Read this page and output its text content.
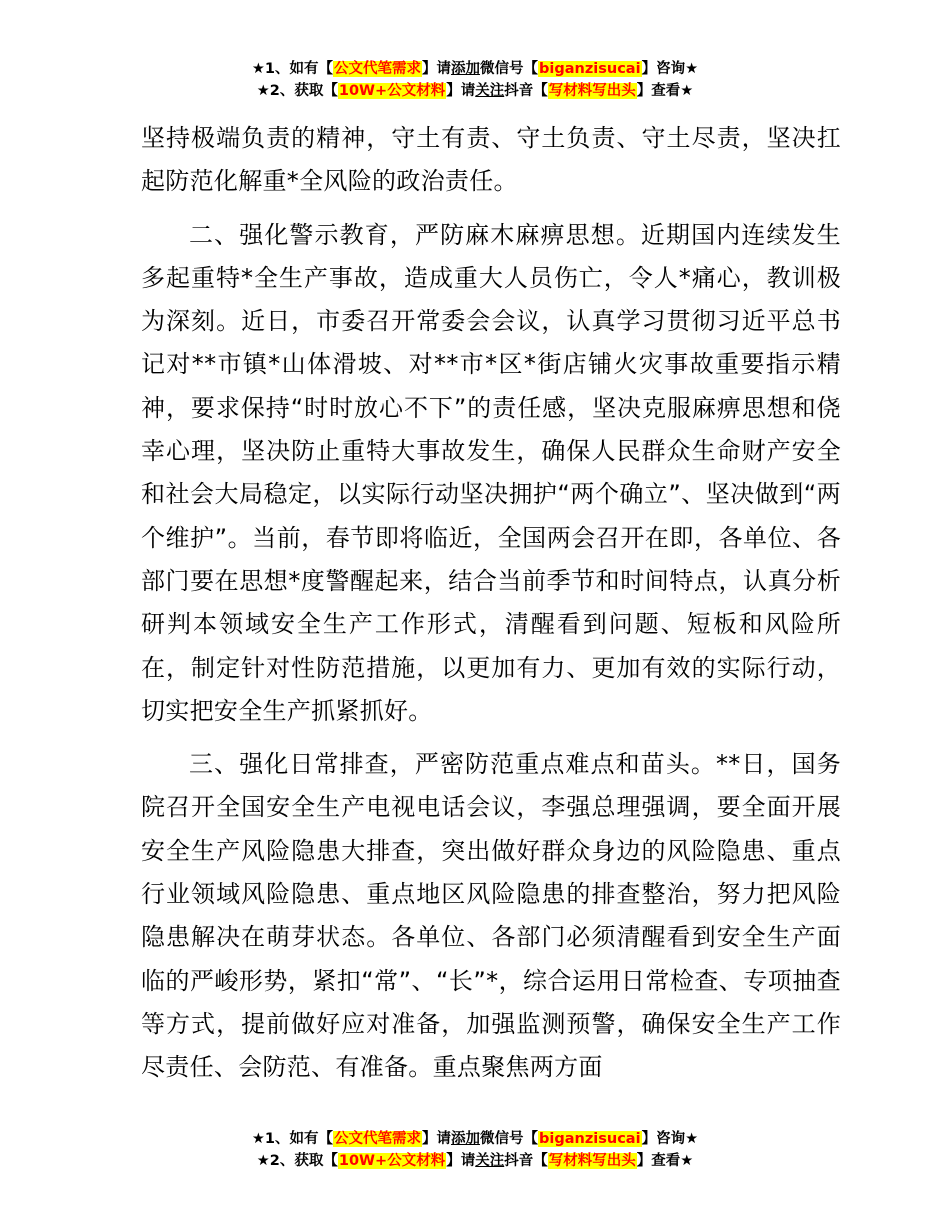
★1、如有【公文代笔需求】请添加微信号【biganzisucai】咨询★
★2、获取【10W+公文材料】请关注抖音【写材料写出头】查看★

坚持极端负责的精神，守土有责、守土负责、守土尽责，坚决扛起防范化解重*全风险的政治责任。

二、强化警示教育，严防麻木麻痹思想。近期国内连续发生多起重特*全生产事故，造成重大人员伤亡，令人*痛心，教训极为深刻。近日，市委召开常委会会议，认真学习贯彻习近平总书记对**市镇*山体滑坡、对**市*区*街店铺火灾事故重要指示精神，要求保持“时时放心不下”的责任感，坚决克服麻痹思想和侥幸心理，坚决防止重特大事故发生，确保人民群众生命财产安全和社会大局稳定，以实际行动坚决拥护“两个确立”、坚决做到“两个维护”。当前，春节即将临近，全国两会召开在即，各单位、各部门要在思想*度警醒起来，结合当前季节和时间特点，认真分析研判本领域安全生产工作形式，清醒看到问题、短板和风险所在，制定针对性防范措施，以更加有力、更加有效的实际行动，切实把安全生产抓紧抓好。

三、强化日常排查，严密防范重点难点和苗头。**日，国务院召开全国安全生产电视电话会议，李强总理强调，要全面开展安全生产风险隐患大排查，突出做好群众身边的风险隐患、重点行业领域风险隐患、重点地区风险隐患的排查整治，努力把风险隐患解决在萌芽状态。各单位、各部门必须清醒看到安全生产面临的严峻形势，紧扣“常”、“长”*，综合运用日常检查、专项抽查等方式，提前做好应对准备，加强监测预警，确保安全生产工作尽责任、会防范、有准备。重点聚焦两方面

★1、如有【公文代笔需求】请添加微信号【biganzisucai】咨询★
★2、获取【10W+公文材料】请关注抖音【写材料写出头】查看★
